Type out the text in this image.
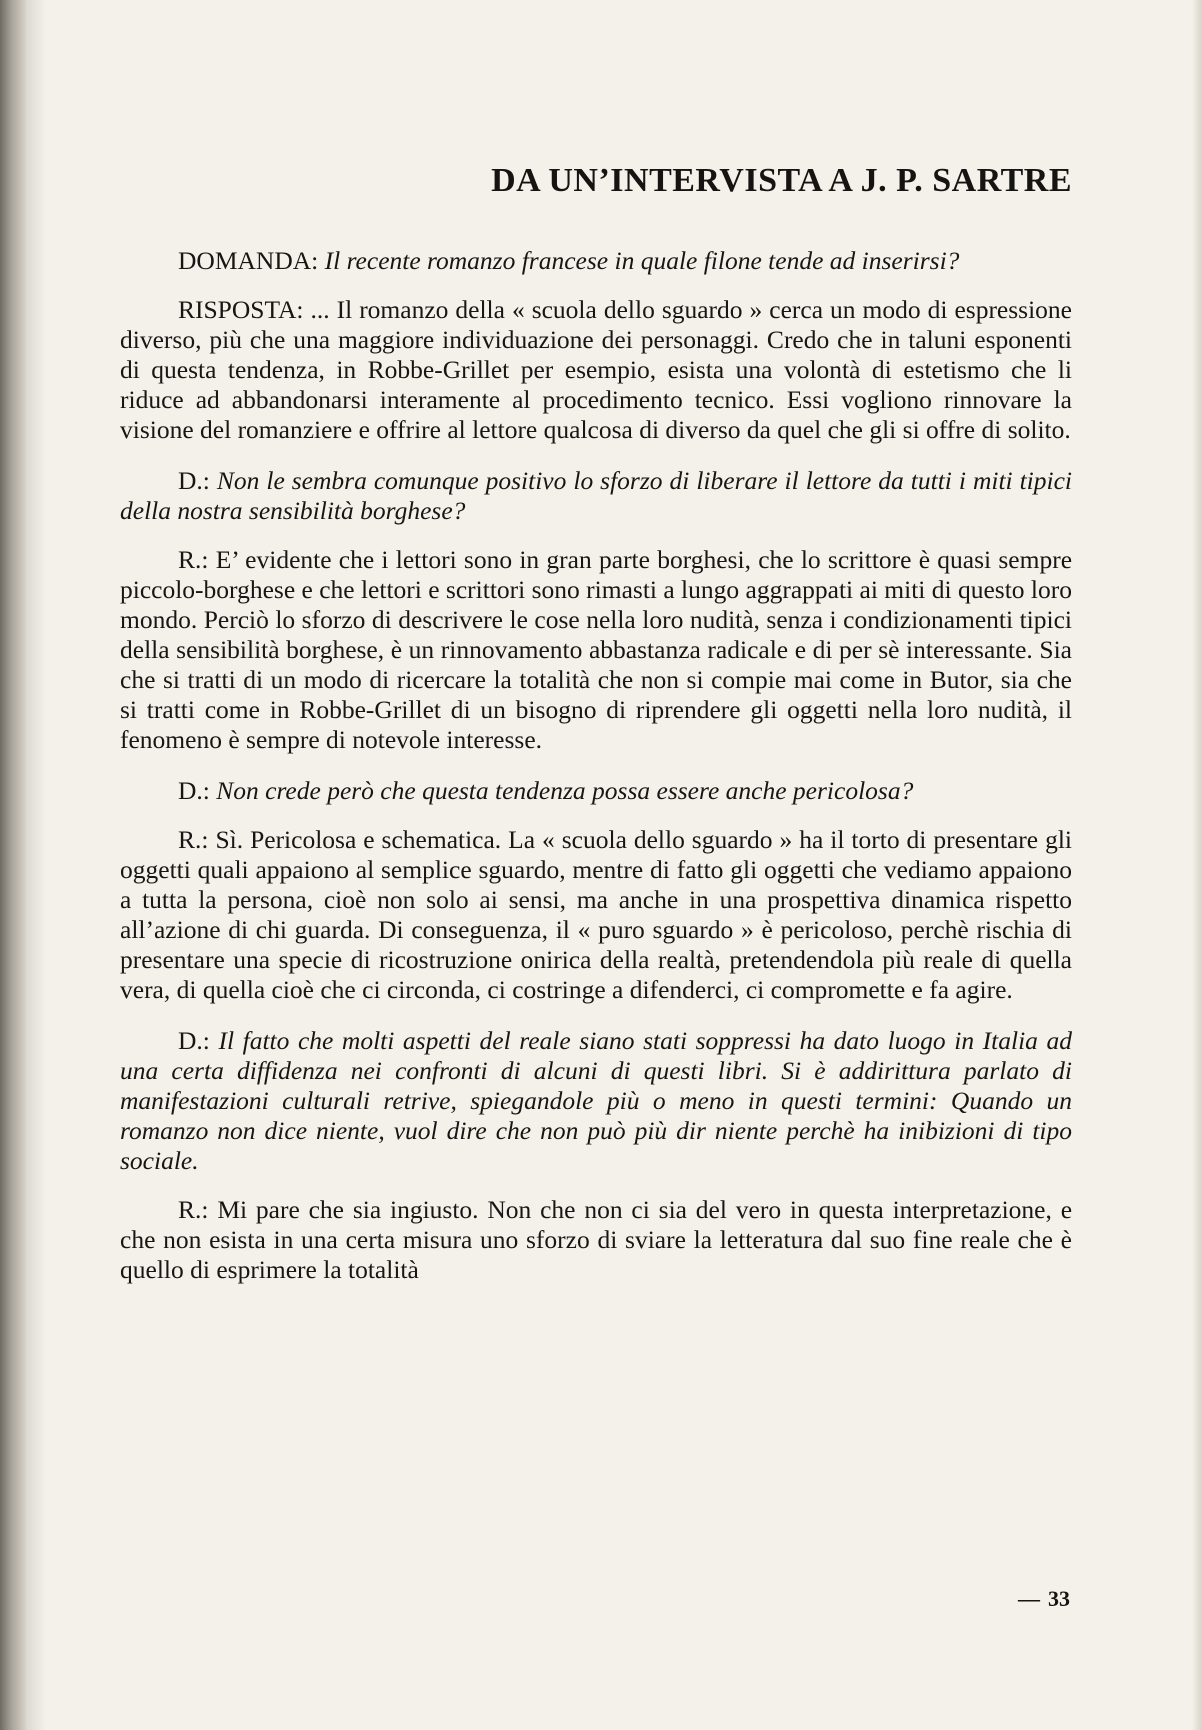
DA UN’INTERVISTA A J. P. SARTRE

DOMANDA: Il recente romanzo francese in quale filone tende ad inserirsi?

RISPOSTA: ... Il romanzo della « scuola dello sguardo » cerca un modo di espressione diverso, più che una maggiore individuazione dei personaggi. Credo che in taluni esponenti di questa tendenza, in Robbe-Grillet per esempio, esista una volontà di estetismo che li riduce ad abbandonarsi interamente al procedimento tecnico. Essi vogliono rinnovare la visione del romanziere e offrire al lettore qualcosa di diverso da quel che gli si offre di solito.

D.: Non le sembra comunque positivo lo sforzo di liberare il lettore da tutti i miti tipici della nostra sensibilità borghese?

R.: E’ evidente che i lettori sono in gran parte borghesi, che lo scrittore è quasi sempre piccolo-borghese e che lettori e scrittori sono rimasti a lungo aggrappati ai miti di questo loro mondo. Perciò lo sforzo di descrivere le cose nella loro nudità, senza i condizionamenti tipici della sensibilità borghese, è un rinnovamento abbastanza radicale e di per sè interessante. Sia che si tratti di un modo di ricercare la totalità che non si compie mai come in Butor, sia che si tratti come in Robbe-Grillet di un bisogno di riprendere gli oggetti nella loro nudità, il fenomeno è sempre di notevole interesse.

D.: Non crede però che questa tendenza possa essere anche pericolosa?

R.: Sì. Pericolosa e schematica. La « scuola dello sguardo » ha il torto di presentare gli oggetti quali appaiono al semplice sguardo, mentre di fatto gli oggetti che vediamo appaiono a tutta la persona, cioè non solo ai sensi, ma anche in una prospettiva dinamica rispetto all’azione di chi guarda. Di conseguenza, il « puro sguardo » è pericoloso, perchè rischia di presentare una specie di ricostruzione onirica della realtà, pretendendola più reale di quella vera, di quella cioè che ci circonda, ci costringe a difenderci, ci compromette e fa agire.

D.: Il fatto che molti aspetti del reale siano stati soppressi ha dato luogo in Italia ad una certa diffidenza nei confronti di alcuni di questi libri. Si è addirittura parlato di manifestazioni culturali retrive, spiegandole più o meno in questi termini: Quando un romanzo non dice niente, vuol dire che non può più dir niente perchè ha inibizioni di tipo sociale.

R.: Mi pare che sia ingiusto. Non che non ci sia del vero in questa interpretazione, e che non esista in una certa misura uno sforzo di sviare la letteratura dal suo fine reale che è quello di esprimere la totalità

— 33
